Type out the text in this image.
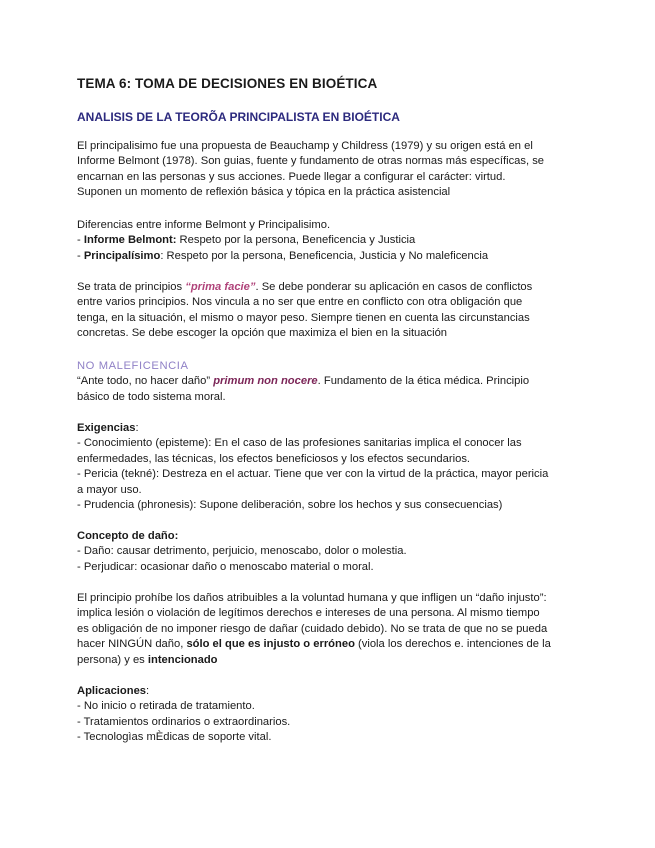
TEMA 6: TOMA DE DECISIONES EN BIOÉTICA
ANALISIS DE LA TEORÕA PRINCIPALISTA EN BIOÉTICA

El principalisimo fue una propuesta de Beauchamp y Childress (1979) y su origen está en el

Informe Belmont (1978). Son guias, fuente y fundamento de otras normas más específicas, se

encarnan en las personas y sus acciones. Puede llegar a configurar el carácter: virtud.

Suponen un momento de reflexión básica y tópica en la práctica asistencial

Diferencias entre informe Belmont y Principalisimo.

- Informe Belmont: Respeto por la persona, Beneficencia y Justicia

- Principalísimo: Respeto por la persona, Beneficencia, Justicia y No maleficencia

Se trata de principios “prima facie”. Se debe ponderar su aplicación en casos de conflictos

entre varios principios. Nos vincula a no ser que entre en conflicto con otra obligación que

tenga, en la situación, el mismo o mayor peso. Siempre tienen en cuenta las circunstancias

concretas. Se debe escoger la opción que maximiza el bien en la situación

NO MALEFICENCIA

“Ante todo, no hacer daño” primum non nocere. Fundamento de la ética médica. Principio

básico de todo sistema moral.

Exigencias:

- Conocimiento (episteme): En el caso de las profesiones sanitarias implica el conocer las

enfermedades, las técnicas, los efectos beneficiosos y los efectos secundarios.

- Pericia (tekné): Destreza en el actuar. Tiene que ver con la virtud de la práctica, mayor pericia

a mayor uso.

- Prudencia (phronesis): Supone deliberación, sobre los hechos y sus consecuencias)

Concepto de daño:

- Daño: causar detrimento, perjuicio, menoscabo, dolor o molestia.

- Perjudicar: ocasionar daño o menoscabo material o moral.

El principio prohíbe los daños atribuibles a la voluntad humana y que infligen un “daño injusto”:

implica lesión o violación de legítimos derechos e intereses de una persona. Al mismo tiempo

es obligación de no imponer riesgo de dañar (cuidado debido). No se trata de que no se pueda

hacer NINGÚN daño, sólo el que es injusto o erróneo (viola los derechos e. intenciones de la

persona) y es intencionado

Aplicaciones:

- No inicio o retirada de tratamiento.

- Tratamientos ordinarios o extraordinarios.

- Tecnologìas mÈdicas de soporte vital.
